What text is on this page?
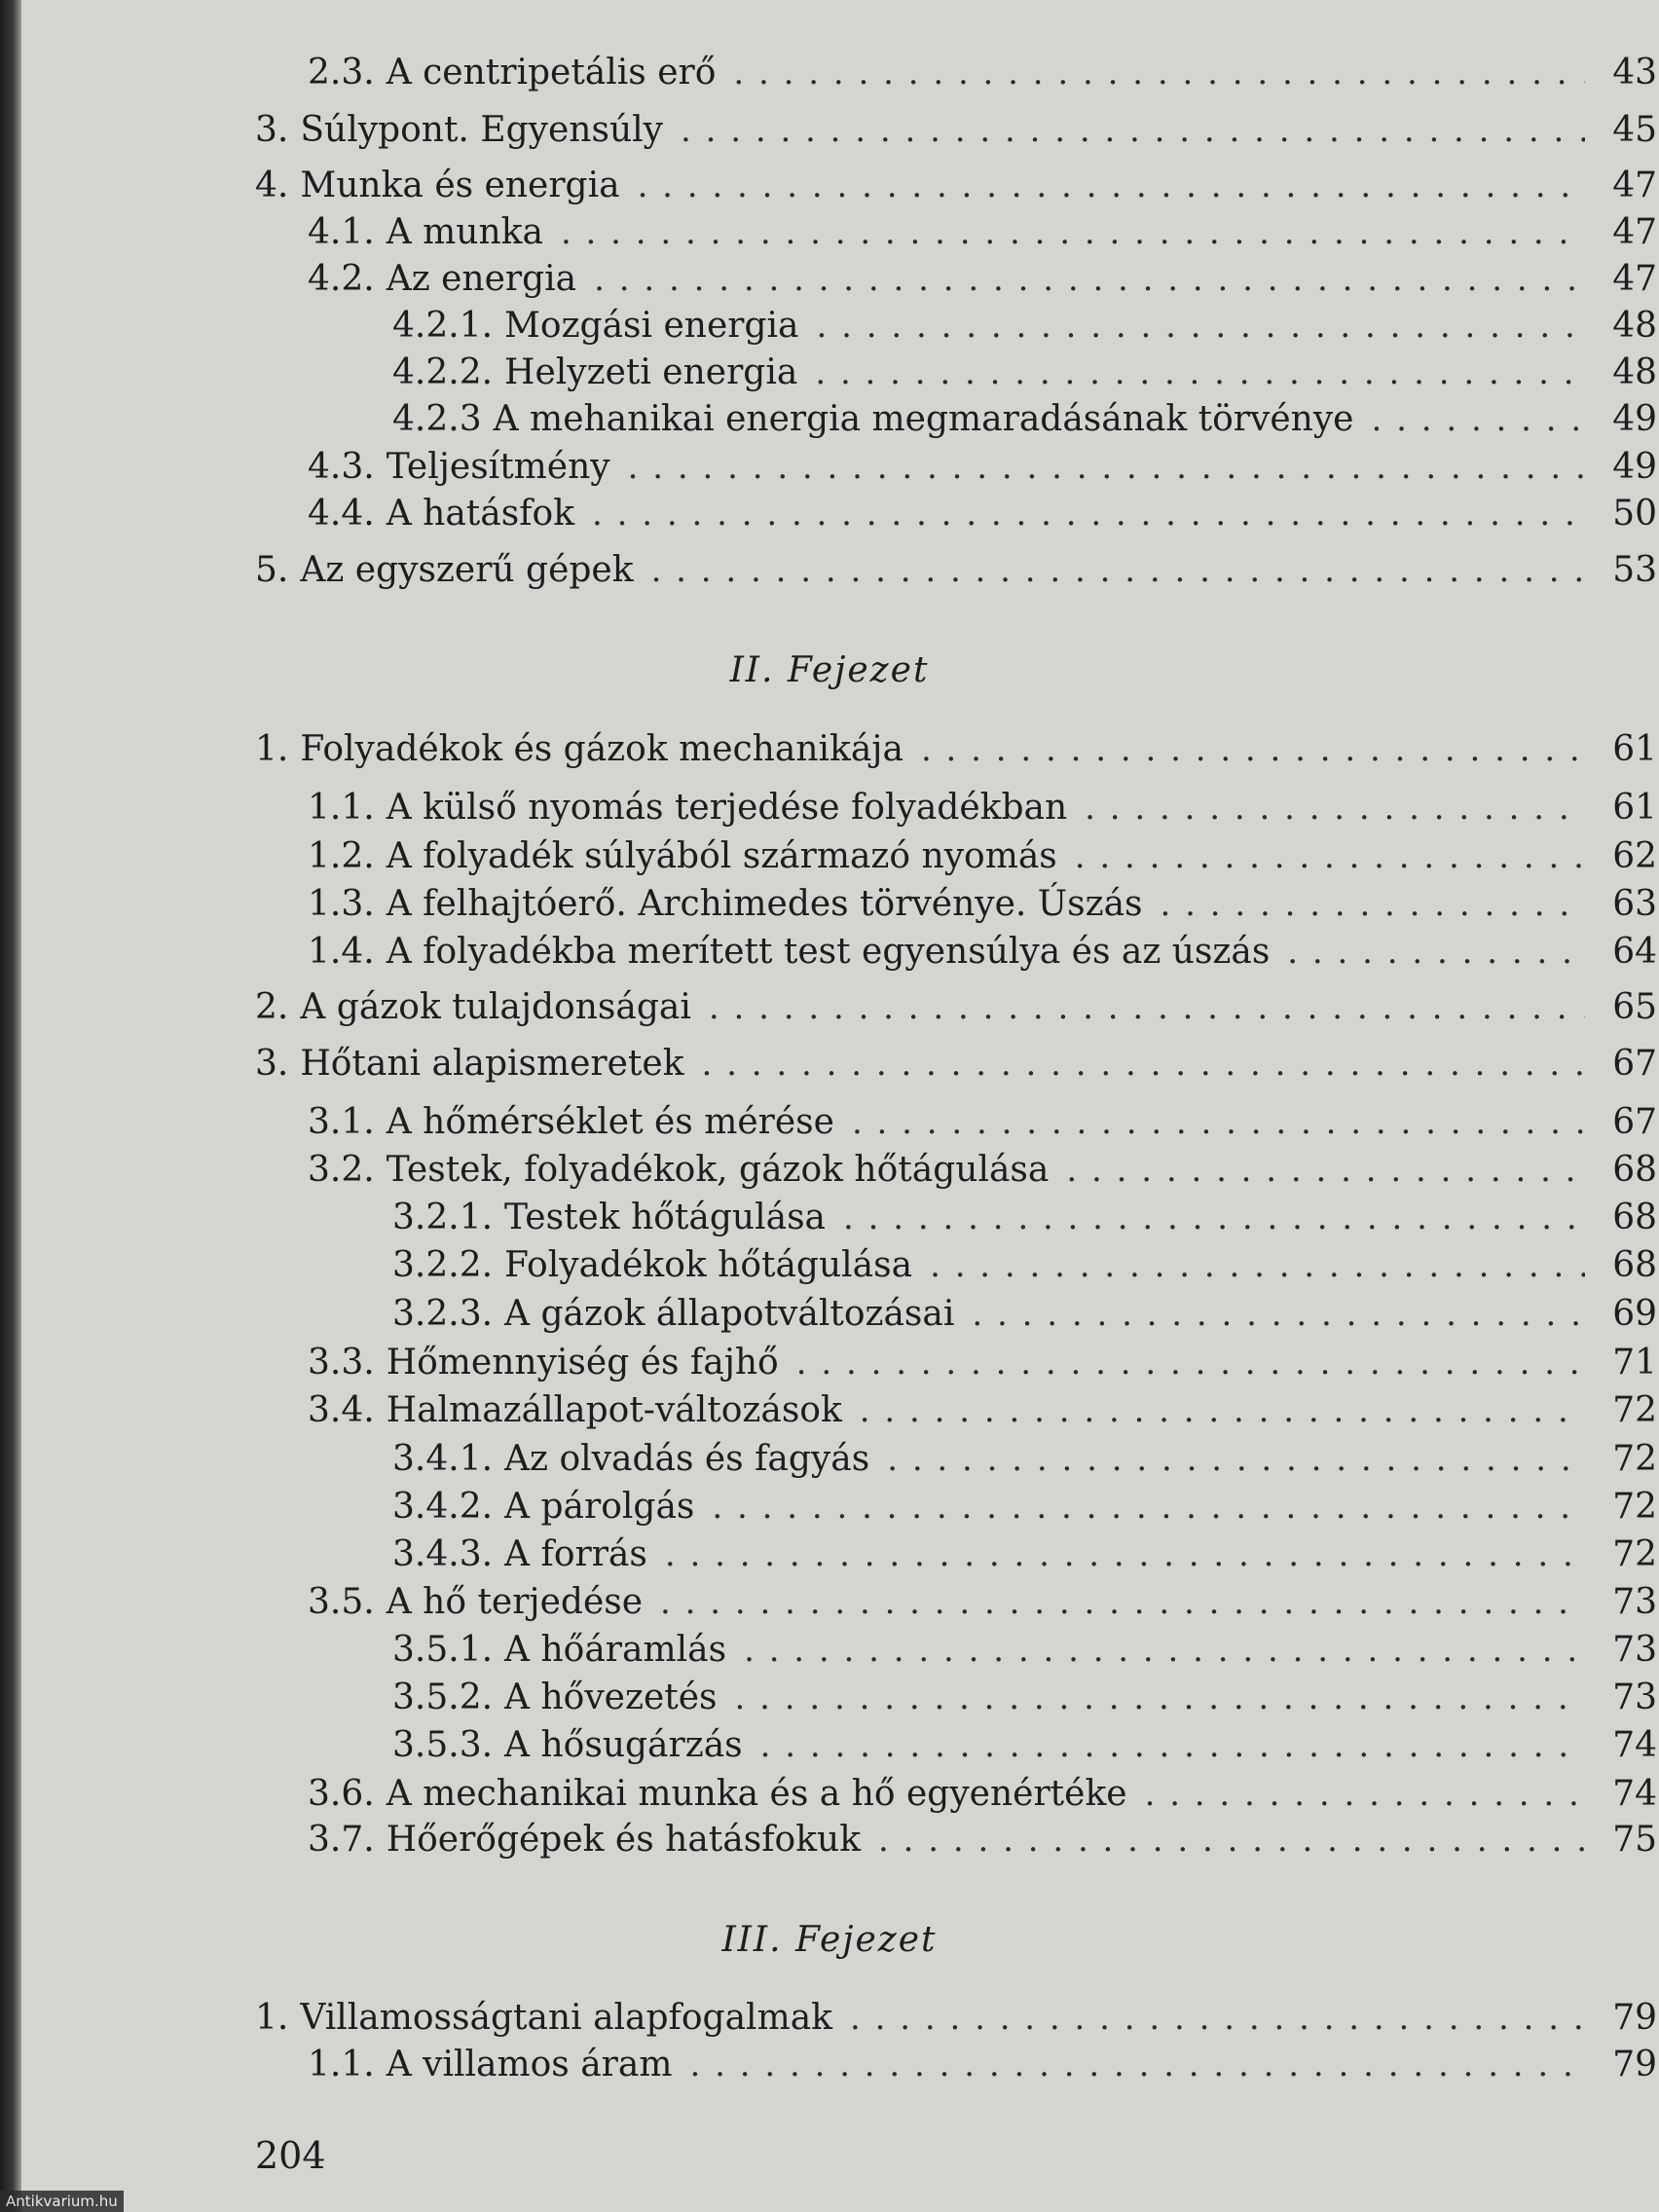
2.3. A centripetális erő . . .	43
3. Súlypont. Egyensúly . . .	45
4. Munka és energia . . .	47
4.1. A munka . . .	47
4.2. Az energia . . .	47
4.2.1. Mozgási energia . . .	48
4.2.2. Helyzeti energia . . .	48
4.2.3 A mehanikai energia megmaradásának törvénye . . .	49
4.3. Teljesítmény . . .	49
4.4. A hatásfok . . .	50
5. Az egyszerű gépek . . .	53
II. Fejezet
1. Folyadékok és gázok mechanikája . . .	61
1.1. A külső nyomás terjedése folyadékban . . .	61
1.2. A folyadék súlyából származó nyomás . . .	62
1.3. A felhajtóerő. Archimedes törvénye. Úszás . . .	63
1.4. A folyadékba merített test egyensúlya és az úszás . . .	64
2. A gázok tulajdonságai . . .	65
3. Hőtani alapismeretek . . .	67
3.1. A hőmérséklet és mérése . . .	67
3.2. Testek, folyadékok, gázok hőtágulása . . .	68
3.2.1. Testek hőtágulása . . .	68
3.2.2. Folyadékok hőtágulása . . .	68
3.2.3. A gázok állapotváltozásai . . .	69
3.3. Hőmennyiség és fajhő . . .	71
3.4. Halmazállapot-változások . . .	72
3.4.1. Az olvadás és fagyás . . .	72
3.4.2. A párolgás . . .	72
3.4.3. A forrás . . .	72
3.5. A hő terjedése . . .	73
3.5.1. A hőáramlás . . .	73
3.5.2. A hővezetés . . .	73
3.5.3. A hősugárzás . . .	74
3.6. A mechanikai munka és a hő egyenértéke . . .	74
3.7. Hőerőgépek és hatásfokuk . . .	75
III. Fejezet
1. Villamosságtani alapfogalmak . . .	79
1.1. A villamos áram . . .	79
204
Antikvarium.hu
